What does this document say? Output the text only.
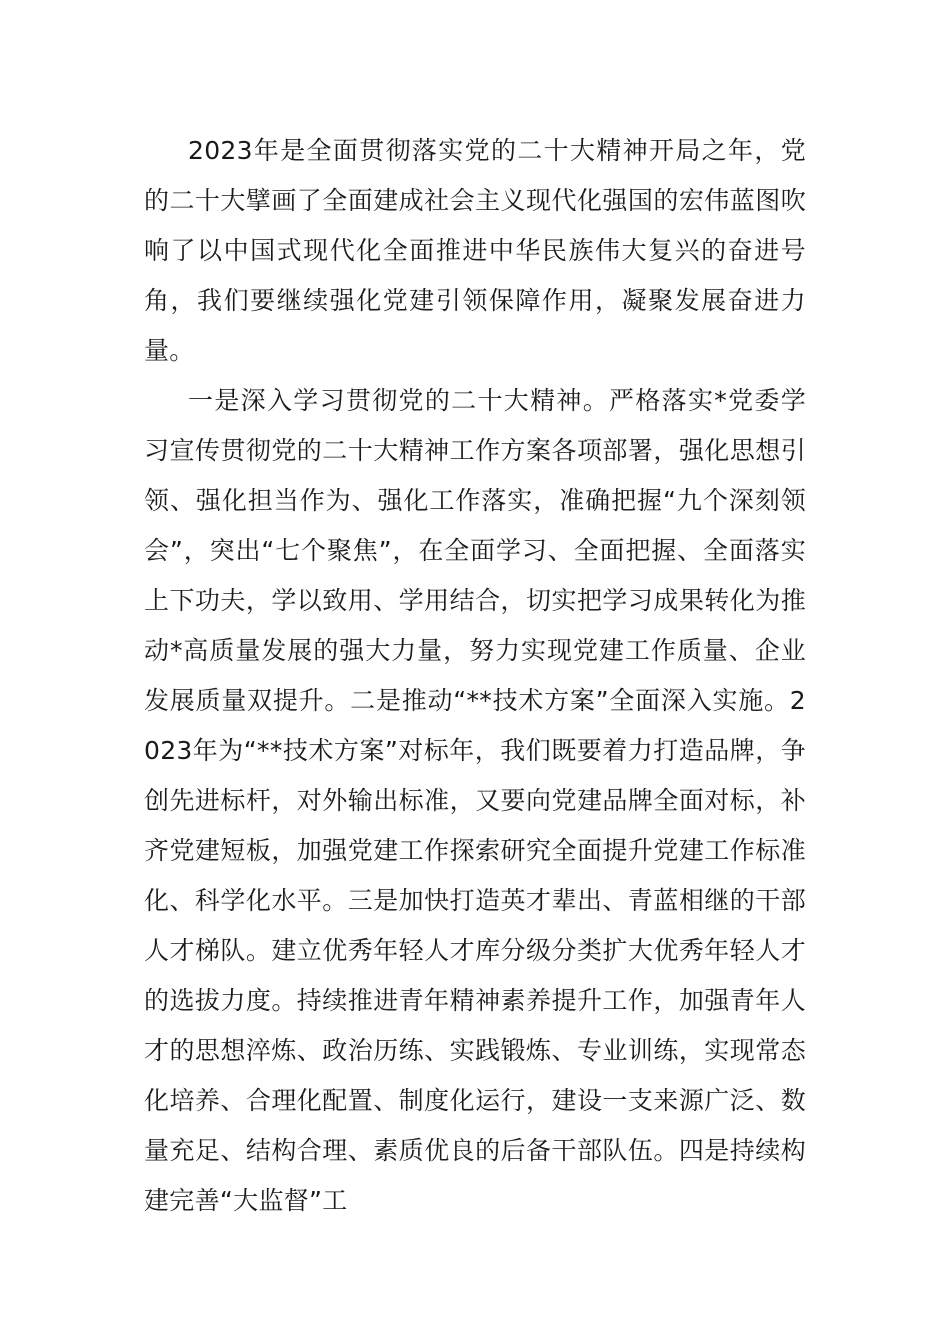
2023年是全面贯彻落实党的二十大精神开局之年，党的二十大擘画了全面建成社会主义现代化强国的宏伟蓝图吹响了以中国式现代化全面推进中华民族伟大复兴的奋进号角，我们要继续强化党建引领保障作用，凝聚发展奋进力量。

一是深入学习贯彻党的二十大精神。严格落实*党委学习宣传贯彻党的二十大精神工作方案各项部署，强化思想引领、强化担当作为、强化工作落实，准确把握“九个深刻领会”，突出“七个聚焦”，在全面学习、全面把握、全面落实上下功夫，学以致用、学用结合，切实把学习成果转化为推动*高质量发展的强大力量，努力实现党建工作质量、企业发展质量双提升。二是推动“**技术方案”全面深入实施。2023年为“**技术方案”对标年，我们既要着力打造品牌，争创先进标杆，对外输出标准，又要向党建品牌全面对标，补齐党建短板，加强党建工作探索研究全面提升党建工作标准化、科学化水平。三是加快打造英才辈出、青蓝相继的干部人才梯队。建立优秀年轻人才库分级分类扩大优秀年轻人才的选拔力度。持续推进青年精神素养提升工作，加强青年人才的思想淬炼、政治历练、实践锻炼、专业训练，实现常态化培养、合理化配置、制度化运行，建设一支来源广泛、数量充足、结构合理、素质优良的后备干部队伍。四是持续构建完善“大监督”工
